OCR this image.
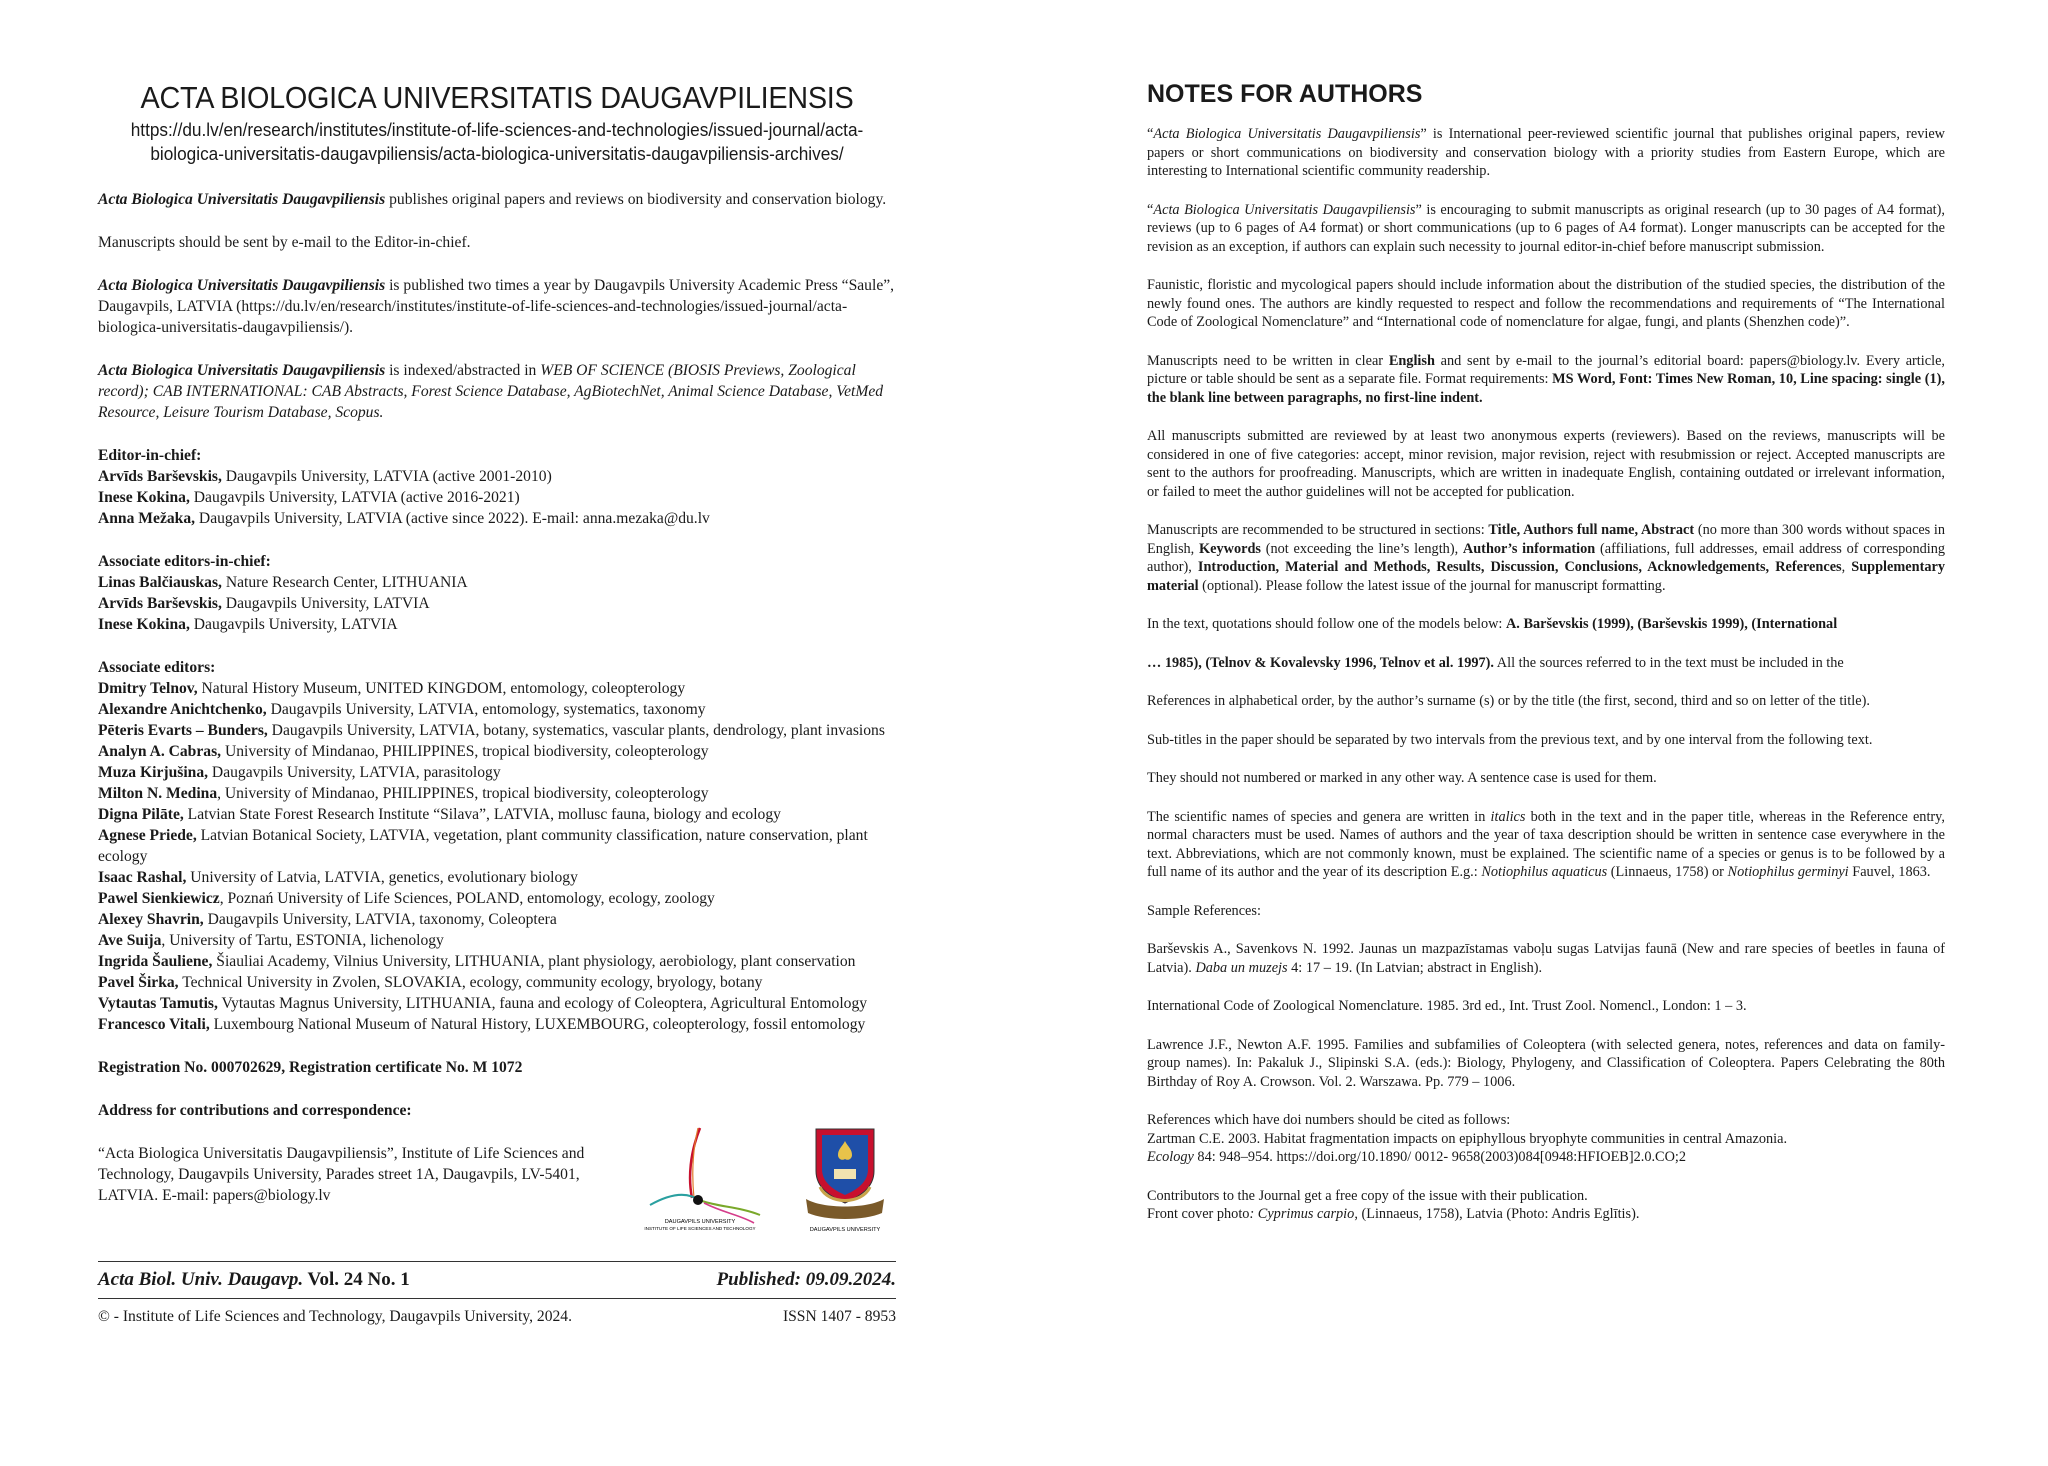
ACTA BIOLOGICA UNIVERSITATIS DAUGAVPILIENSIS
https://du.lv/en/research/institutes/institute-of-life-sciences-and-technologies/issued-journal/acta-biologica-universitatis-daugavpiliensis/acta-biologica-universitatis-daugavpiliensis-archives/

Acta Biologica Universitatis Daugavpiliensis publishes original papers and reviews on biodiversity and conservation biology.

Manuscripts should be sent by e-mail to the Editor-in-chief.

Acta Biologica Universitatis Daugavpiliensis is published two times a year by Daugavpils University Academic Press “Saule”, Daugavpils, LATVIA (https://du.lv/en/research/institutes/institute-of-life-sciences-and-technologies/issued-journal/acta-biologica-universitatis-daugavpiliensis/).

Acta Biologica Universitatis Daugavpiliensis is indexed/abstracted in WEB OF SCIENCE (BIOSIS Previews, Zoological record); CAB INTERNATIONAL: CAB Abstracts, Forest Science Database, AgBiotechNet, Animal Science Database, VetMed Resource, Leisure Tourism Database, Scopus.

Editor-in-chief:
Arvīds Barševskis, Daugavpils University, LATVIA (active 2001-2010)
Inese Kokina, Daugavpils University, LATVIA (active 2016-2021)
Anna Mežaka, Daugavpils University, LATVIA (active since 2022). E-mail: anna.mezaka@du.lv
Associate editors-in-chief:
Linas Balčiauskas, Nature Research Center, LITHUANIA
Arvīds Barševskis, Daugavpils University, LATVIA
Inese Kokina, Daugavpils University, LATVIA
Associate editors:
Dmitry Telnov, Natural History Museum, UNITED KINGDOM, entomology, coleopterology
Alexandre Anichtchenko, Daugavpils University, LATVIA, entomology, systematics, taxonomy
Pēteris Evarts – Bunders, Daugavpils University, LATVIA, botany, systematics, vascular plants, dendrology, plant invasions
Analyn A. Cabras, University of Mindanao, PHILIPPINES, tropical biodiversity, coleopterology
Muza Kirjušina, Daugavpils University, LATVIA, parasitology
Milton N. Medina, University of Mindanao, PHILIPPINES, tropical biodiversity, coleopterology
Digna Pilāte, Latvian State Forest Research Institute “Silava”, LATVIA, mollusc fauna, biology and ecology
Agnese Priede, Latvian Botanical Society, LATVIA, vegetation, plant community classification, nature conservation, plant ecology
Isaac Rashal, University of Latvia, LATVIA, genetics, evolutionary biology
Pawel Sienkiewicz, Poznań University of Life Sciences, POLAND, entomology, ecology, zoology
Alexey Shavrin, Daugavpils University, LATVIA, taxonomy, Coleoptera
Ave Suija, University of Tartu, ESTONIA, lichenology
Ingrida Šauliene, Šiauliai Academy, Vilnius University, LITHUANIA, plant physiology, aerobiology, plant conservation
Pavel Širka, Technical University in Zvolen, SLOVAKIA, ecology, community ecology, bryology, botany
Vytautas Tamutis, Vytautas Magnus University, LITHUANIA, fauna and ecology of Coleoptera, Agricultural Entomology
Francesco Vitali, Luxembourg National Museum of Natural History, LUXEMBOURG, coleopterology, fossil entomology
Registration No. 000702629, Registration certificate No. M 1072
Address for contributions and correspondence:
“Acta Biologica Universitatis Daugavpiliensis”, Institute of Life Sciences and Technology, Daugavpils University, Parades street 1A, Daugavpils, LV-5401, LATVIA. E-mail: papers@biology.lv
DAUGAVPILS UNIVERSITY
INSTITUTE OF LIFE SCIENCES AND TECHNOLOGY	DAUGAVPILS UNIVERSITY
Acta Biol. Univ. Daugavp. Vol. 24 No. 1	Published: 09.09.2024.
© - Institute of Life Sciences and Technology, Daugavpils University, 2024.	ISSN 1407 - 8953
NOTES FOR AUTHORS

“Acta Biologica Universitatis Daugavpiliensis” is International peer-reviewed scientific journal that publishes original papers, review papers or short communications on biodiversity and conservation biology with a priority studies from Eastern Europe, which are interesting to International scientific community readership.

“Acta Biologica Universitatis Daugavpiliensis” is encouraging to submit manuscripts as original research (up to 30 pages of A4 format), reviews (up to 6 pages of A4 format) or short communications (up to 6 pages of A4 format). Longer manuscripts can be accepted for the revision as an exception, if authors can explain such necessity to journal editor-in-chief before manuscript submission.

Faunistic, floristic and mycological papers should include information about the distribution of the studied species, the distribution of the newly found ones. The authors are kindly requested to respect and follow the recommendations and requirements of “The International Code of Zoological Nomenclature” and “International code of nomenclature for algae, fungi, and plants (Shenzhen code)”.

Manuscripts need to be written in clear English and sent by e-mail to the journal’s editorial board: papers@biology.lv. Every article, picture or table should be sent as a separate file. Format requirements: MS Word, Font: Times New Roman, 10, Line spacing: single (1), the blank line between paragraphs, no first-line indent.

All manuscripts submitted are reviewed by at least two anonymous experts (reviewers). Based on the reviews, manuscripts will be considered in one of five categories: accept, minor revision, major revision, reject with resubmission or reject. Accepted manuscripts are sent to the authors for proofreading. Manuscripts, which are written in inadequate English, containing outdated or irrelevant information, or failed to meet the author guidelines will not be accepted for publication.

Manuscripts are recommended to be structured in sections: Title, Authors full name, Abstract (no more than 300 words without spaces in English, Keywords (not exceeding the line’s length), Author’s information (affiliations, full addresses, email address of corresponding author), Introduction, Material and Methods, Results, Discussion, Conclusions, Acknowledgements, References, Supplementary material (optional). Please follow the latest issue of the journal for manuscript formatting.

In the text, quotations should follow one of the models below: A. Barševskis (1999), (Barševskis 1999), (International

… 1985), (Telnov & Kovalevsky 1996, Telnov et al. 1997). All the sources referred to in the text must be included in the

References in alphabetical order, by the author’s surname (s) or by the title (the first, second, third and so on letter of the title).

Sub-titles in the paper should be separated by two intervals from the previous text, and by one interval from the following text.

They should not numbered or marked in any other way. A sentence case is used for them.

The scientific names of species and genera are written in italics both in the text and in the paper title, whereas in the Reference entry, normal characters must be used. Names of authors and the year of taxa description should be written in sentence case everywhere in the text. Abbreviations, which are not commonly known, must be explained. The scientific name of a species or genus is to be followed by a full name of its author and the year of its description E.g.: Notiophilus aquaticus (Linnaeus, 1758) or Notiophilus germinyi Fauvel, 1863.

Sample References:

Barševskis A., Savenkovs N. 1992. Jaunas un mazpazīstamas vaboļu sugas Latvijas faunā (New and rare species of beetles in fauna of Latvia). Daba un muzejs 4: 17 – 19. (In Latvian; abstract in English).

International Code of Zoological Nomenclature. 1985. 3rd ed., Int. Trust Zool. Nomencl., London: 1 – 3.

Lawrence J.F., Newton A.F. 1995. Families and subfamilies of Coleoptera (with selected genera, notes, references and data on family-group names). In: Pakaluk J., Slipinski S.A. (eds.): Biology, Phylogeny, and Classification of Coleoptera. Papers Celebrating the 80th Birthday of Roy A. Crowson. Vol. 2. Warszawa. Pp. 779 – 1006.

References which have doi numbers should be cited as follows:
Zartman C.E. 2003. Habitat fragmentation impacts on epiphyllous bryophyte communities in central Amazonia.
Ecology 84: 948–954. https://doi.org/10.1890/ 0012- 9658(2003)084[0948:HFIOEB]2.0.CO;2

Contributors to the Journal get a free copy of the issue with their publication.
Front cover photo: Cyprimus carpio, (Linnaeus, 1758), Latvia (Photo: Andris Eglītis).
